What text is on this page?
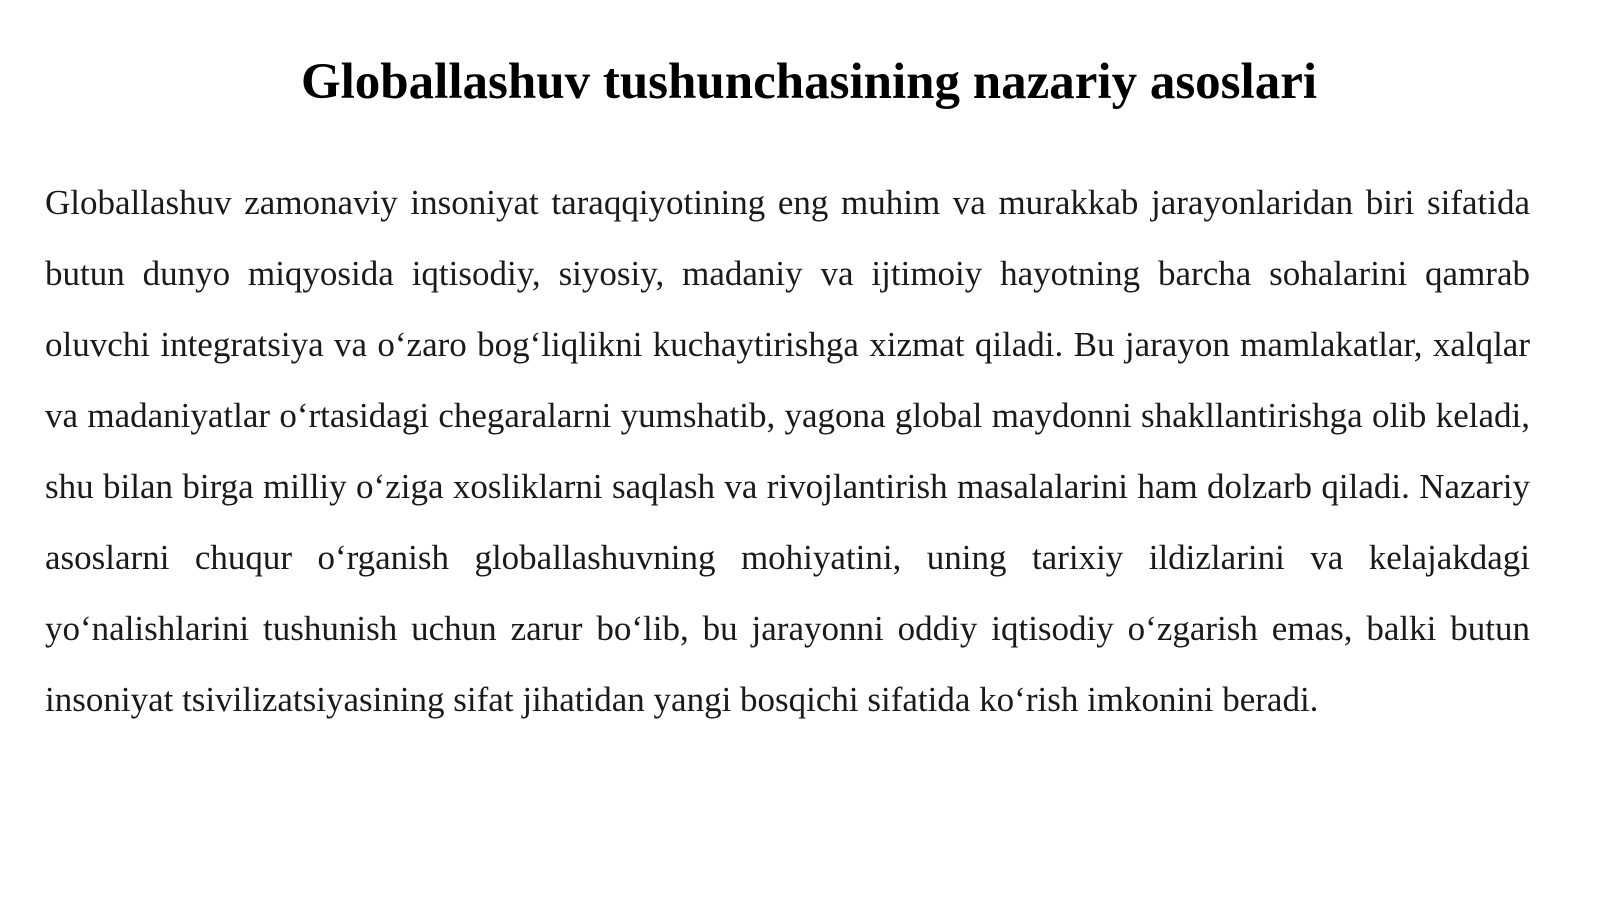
Globallashuv tushunchasining nazariy asoslari

Globallashuv zamonaviy insoniyat taraqqiyotining eng muhim va murakkab jarayonlaridan biri sifatida butun dunyo miqyosida iqtisodiy, siyosiy, madaniy va ijtimoiy hayotning barcha sohalarini qamrab oluvchi integratsiya va o‘zaro bog‘liqlikni kuchaytirishga xizmat qiladi. Bu jarayon mamlakatlar, xalqlar va madaniyatlar o‘rtasidagi chegaralarni yumshatib, yagona global maydonni shakllantirishga olib keladi, shu bilan birga milliy o‘ziga xosliklarni saqlash va rivojlantirish masalalarini ham dolzarb qiladi. Nazariy asoslarni chuqur o‘rganish globallashuvning mohiyatini, uning tarixiy ildizlarini va kelajakdagi yo‘nalishlarini tushunish uchun zarur bo‘lib, bu jarayonni oddiy iqtisodiy o‘zgarish emas, balki butun insoniyat tsivilizatsiyasining sifat jihatidan yangi bosqichi sifatida ko‘rish imkonini beradi.
